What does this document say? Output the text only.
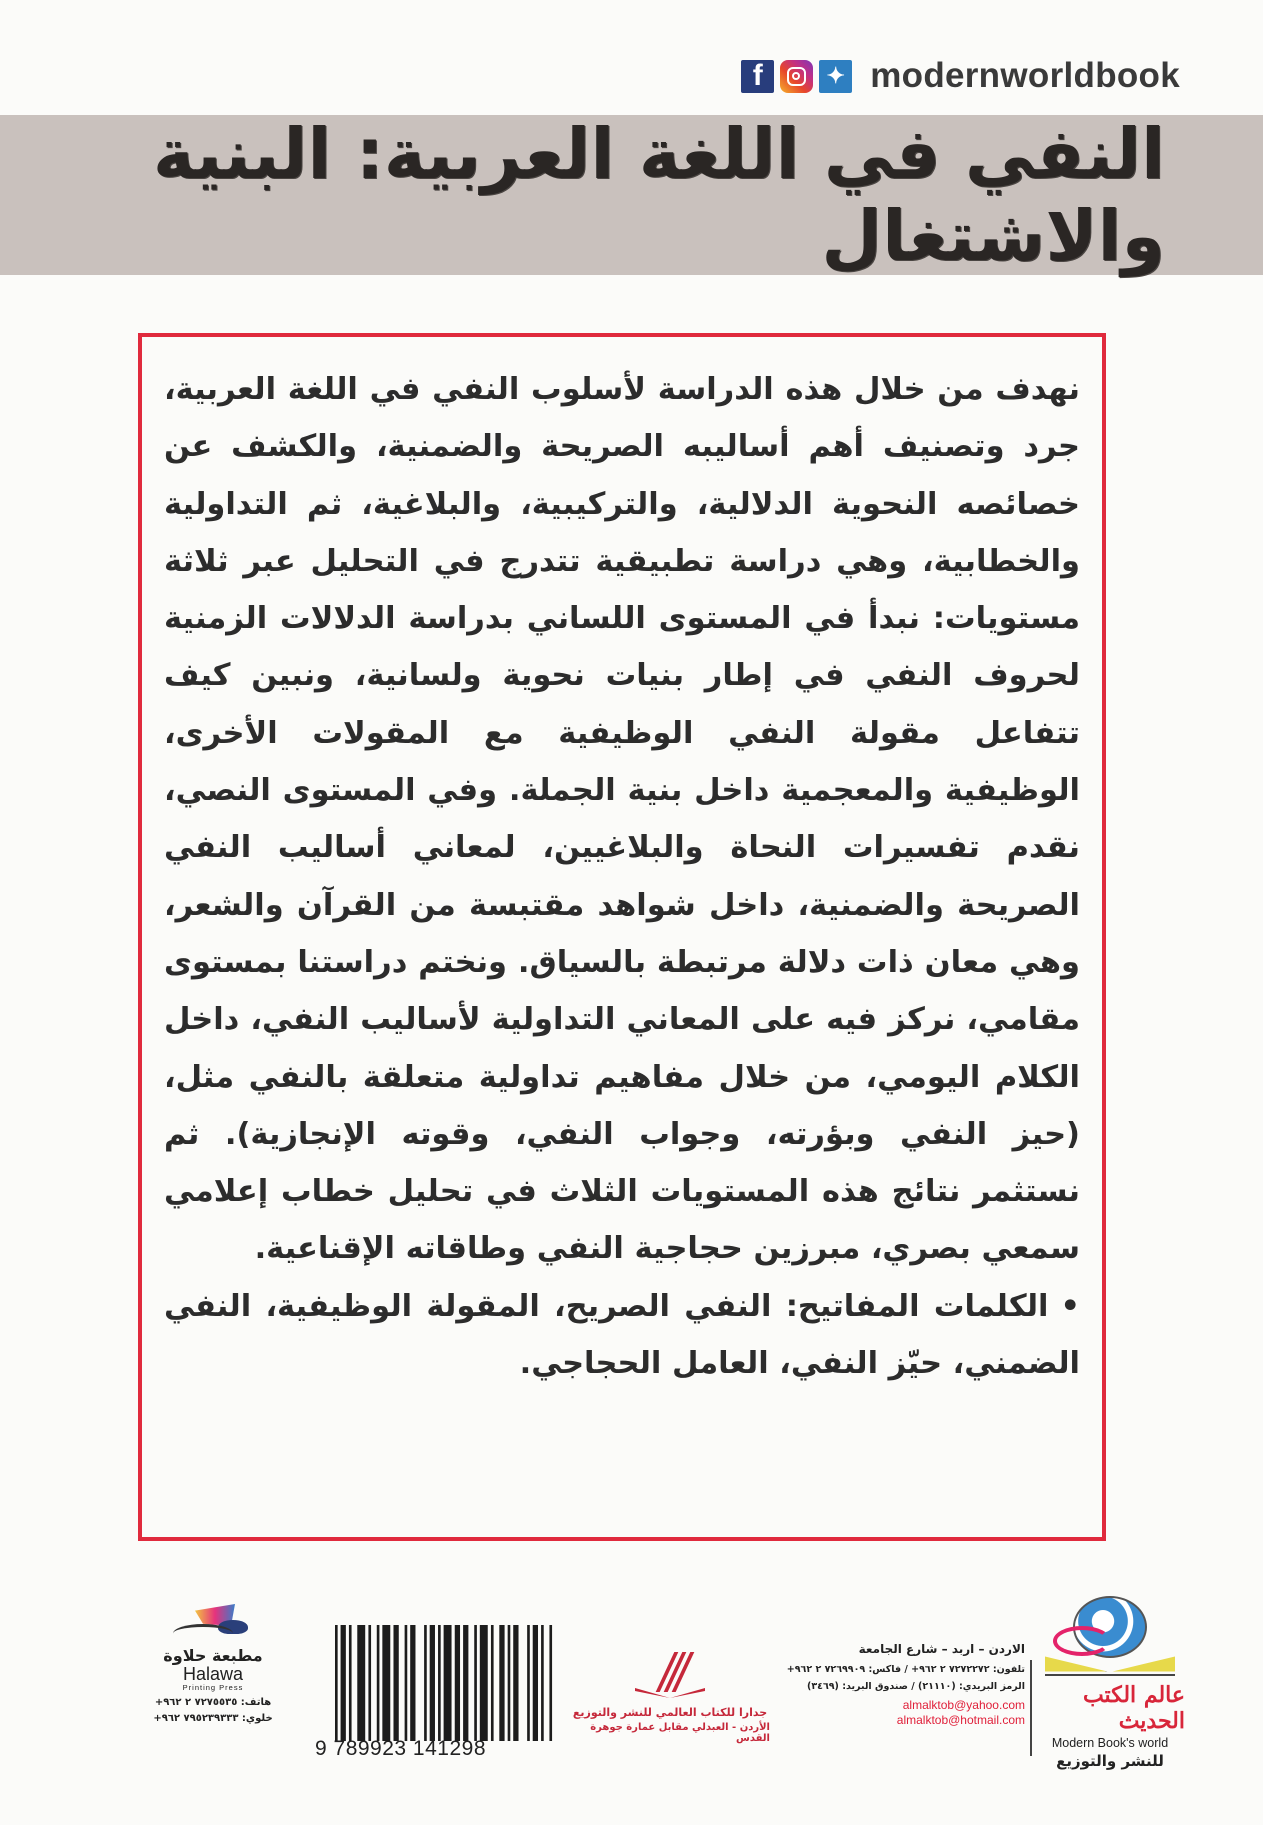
f	✦ modernworldbook
النفي في اللغة العربية: البنية والاشتغال

نهدف من خلال هذه الدراسة لأسلوب النفي في اللغة العربية، جرد وتصنيف أهم أساليبه الصريحة والضمنية، والكشف عن خصائصه النحوية الدلالية، والتركيبية، والبلاغية، ثم التداولية والخطابية، وهي دراسة تطبيقية تتدرج في التحليل عبر ثلاثة مستويات: نبدأ في المستوى اللساني بدراسة الدلالات الزمنية لحروف النفي في إطار بنيات نحوية ولسانية، ونبين كيف تتفاعل مقولة النفي الوظيفية مع المقولات الأخرى، الوظيفية والمعجمية داخل بنية الجملة. وفي المستوى النصي، نقدم تفسيرات النحاة والبلاغيين، لمعاني أساليب النفي الصريحة والضمنية، داخل شواهد مقتبسة من القرآن والشعر، وهي معان ذات دلالة مرتبطة بالسياق. ونختم دراستنا بمستوى مقامي، نركز فيه على المعاني التداولية لأساليب النفي، داخل الكلام اليومي، من خلال مفاهيم تداولية متعلقة بالنفي مثل، (حيز النفي وبؤرته، وجواب النفي، وقوته الإنجازية). ثم نستثمر نتائج هذه المستويات الثلاث في تحليل خطاب إعلامي سمعي بصري، مبرزين حجاجية النفي وطاقاته الإقناعية.

•الكلمات المفاتيح: النفي الصريح، المقولة الوظيفية، النفي الضمني، حيّز النفي، العامل الحجاجي.

عالم الكتب الحديث
Modern Book's world
للنشر والتوزيع
الاردن – اربد – شارع الجامعة
تلفون: ٧٢٧٢٢٧٢ ٢ ٩٦٢+ / فاكس: ٧٢٦٩٩٠٩ ٢ ٩٦٢+
الرمز البريدي: (٢١١١٠) / صندوق البريد: (٣٤٦٩)
almalktob@yahoo.com
almalktob@hotmail.com
جدارا للكتاب العالمي للنشر والتوزيع
الأردن - العبدلي مقابل عمارة جوهرة القدس
9 789923 141298
مطبعة حلاوة
Halawa
Printing Press
هاتف: ٧٢٧٥٥٣٥ ٢ ٩٦٢+
خلوي: ٧٩٥٢٣٩٣٣٣ ٩٦٢+
